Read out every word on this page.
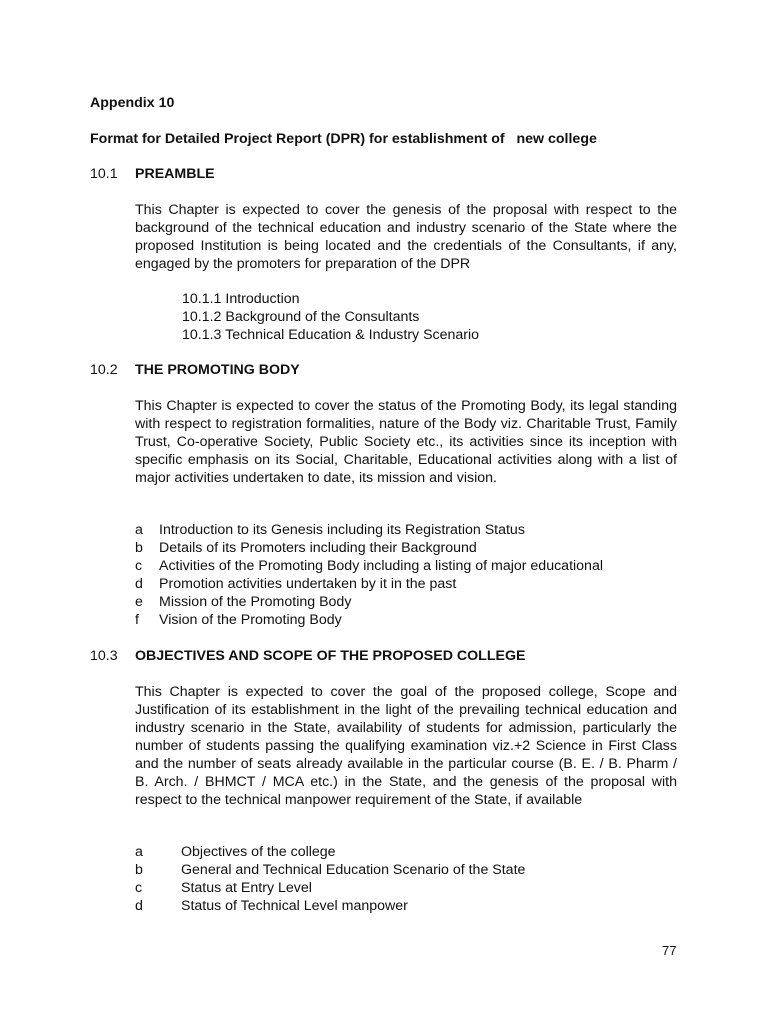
Appendix 10
Format for Detailed Project Report (DPR) for establishment of   new college
10.1 PREAMBLE
This Chapter is expected to cover the genesis of the proposal with respect to the background of the technical education and industry scenario of the State where the proposed Institution is being located and the credentials of the Consultants, if any, engaged by the promoters for preparation of the DPR
10.1.1 Introduction
10.1.2 Background of the Consultants
10.1.3 Technical Education & Industry Scenario
10.2 THE PROMOTING BODY
This Chapter is expected to cover the status of the Promoting Body, its legal standing with respect to registration formalities, nature of the Body viz. Charitable Trust, Family Trust, Co-operative Society, Public Society etc., its activities since its inception with specific emphasis on its Social, Charitable, Educational activities along with a list of major activities undertaken to date, its mission and vision.
a Introduction to its Genesis including its Registration Status
b Details of its Promoters including their Background
c Activities of the Promoting Body including a listing of major educational
d Promotion activities undertaken by it in the past
e Mission of the Promoting Body
f Vision of the Promoting Body
10.3 OBJECTIVES AND SCOPE OF THE PROPOSED COLLEGE
This Chapter is expected to cover the goal of the proposed college, Scope and Justification of its establishment in the light of the prevailing technical education and industry scenario in the State, availability of students for admission, particularly the number of students passing the qualifying examination viz.+2 Science in First Class and the number of seats already available in the particular course (B. E. / B. Pharm / B. Arch. / BHMCT / MCA etc.) in the State, and the genesis of the proposal with respect to the technical manpower requirement of the State, if available
a	Objectives of the college
b	General and Technical Education Scenario of the State
c	Status at Entry Level
d	Status of Technical Level manpower
77
